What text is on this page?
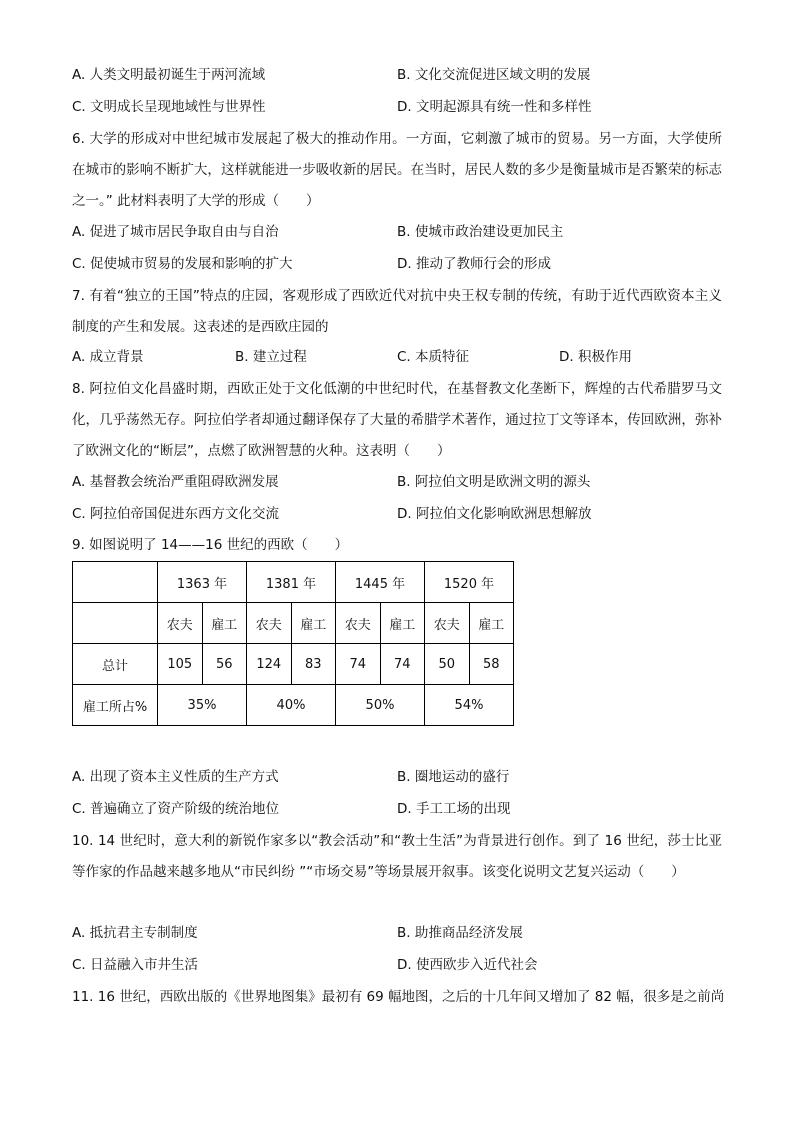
A. 人类文明最初诞生于两河流域	B. 文化交流促进区域文明的发展
C. 文明成长呈现地域性与世界性	D. 文明起源具有统一性和多样性
6. 大学的形成对中世纪城市发展起了极大的推动作用。一方面，它刺激了城市的贸易。另一方面，大学使所在城市的影响不断扩大，这样就能进一步吸收新的居民。在当时，居民人数的多少是衡量城市是否繁荣的标志之一。” 此材料表明了大学的形成（　　）
A. 促进了城市居民争取自由与自治	B. 使城市政治建设更加民主
C. 促使城市贸易的发展和影响的扩大	D. 推动了教师行会的形成
7. 有着“独立的王国”特点的庄园，客观形成了西欧近代对抗中央王权专制的传统，有助于近代西欧资本主义制度的产生和发展。这表述的是西欧庄园的
A. 成立背景	B. 建立过程	C. 本质特征	D. 积极作用
8. 阿拉伯文化昌盛时期，西欧正处于文化低潮的中世纪时代，在基督教文化垄断下，辉煌的古代希腊罗马文化，几乎荡然无存。阿拉伯学者却通过翻译保存了大量的希腊学术著作，通过拉丁文等译本，传回欧洲，弥补了欧洲文化的“断层”，点燃了欧洲智慧的火种。这表明（　　）
A. 基督教会统治严重阻碍欧洲发展	B. 阿拉伯文明是欧洲文明的源头
C. 阿拉伯帝国促进东西方文化交流	D. 阿拉伯文化影响欧洲思想解放
9. 如图说明了 14——16 世纪的西欧（　　）
	1363 年		1381 年		1445 年		1520 年	
	农夫	雇工	农夫	雇工	农夫	雇工	农夫	雇工
总计	105	56	124	83	74	74	50	58
雇工所占%	35%		40%		50%		54%	
A. 出现了资本主义性质的生产方式	B. 圈地运动的盛行
C. 普遍确立了资产阶级的统治地位	D. 手工工场的出现
10. 14 世纪时，意大利的新锐作家多以“教会活动”和“教士生活”为背景进行创作。到了 16 世纪，莎士比亚等作家的作品越来越多地从“市民纠纷 ”“市场交易”等场景展开叙事。该变化说明文艺复兴运动（　　）
A. 抵抗君主专制制度	B. 助推商品经济发展
C. 日益融入市井生活	D. 使西欧步入近代社会
11. 16 世纪，西欧出版的《世界地图集》最初有 69 幅地图，之后的十几年间又增加了 82 幅，很多是之前尚
